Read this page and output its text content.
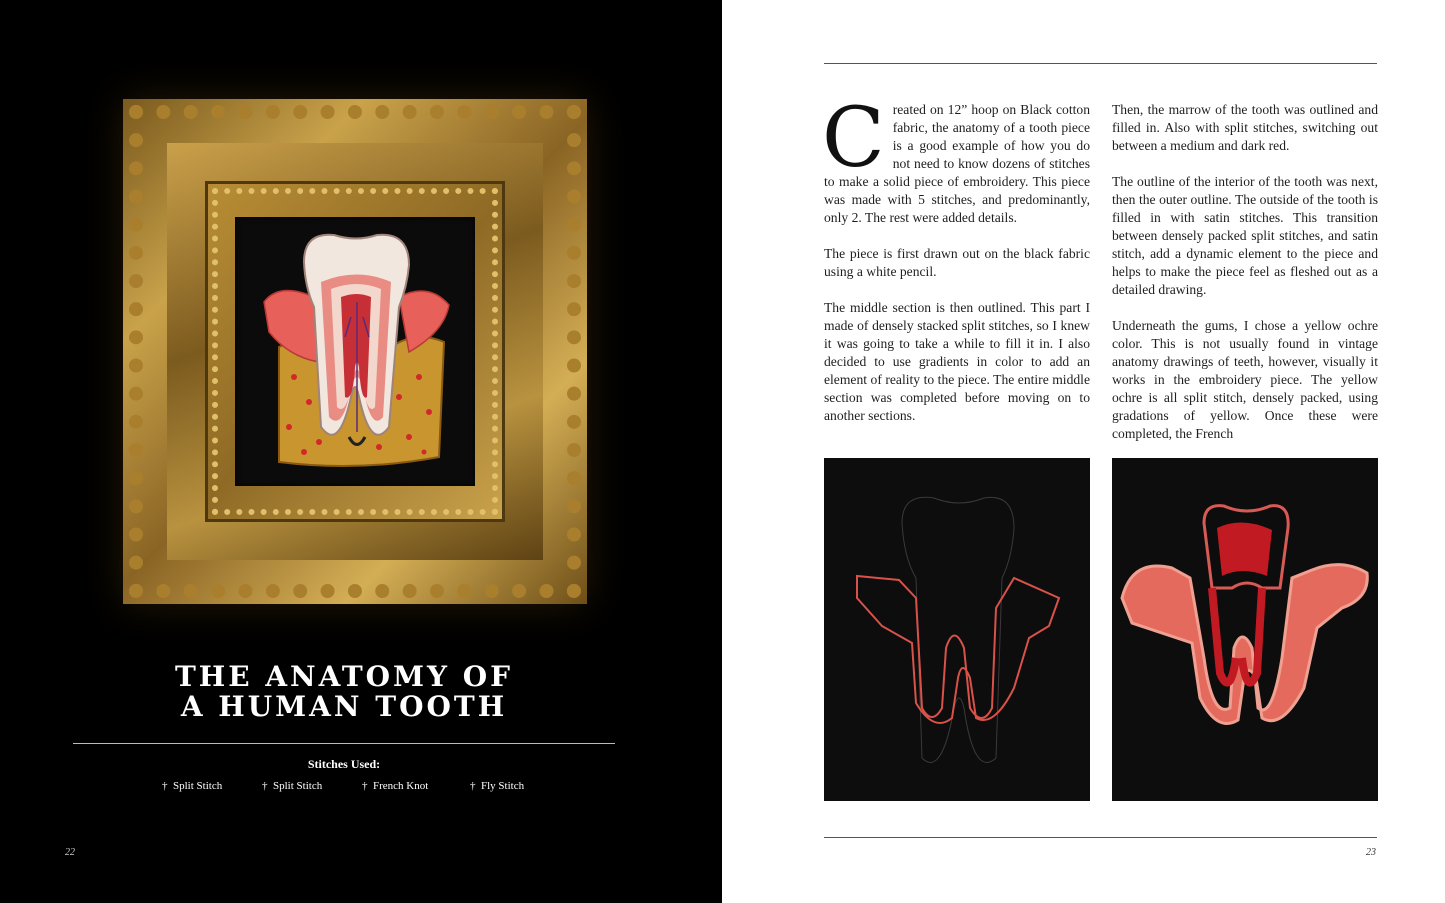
THE ANATOMY OF
A HUMAN TOOTH
Stitches Used:
† Split Stitch	† Split Stitch	† French Knot	† Fly Stitch
22

Created on 12” hoop on Black cotton fabric, the anatomy of a tooth piece is a good example of how you do not need to know dozens of stitches to make a solid piece of embroidery. This piece was made with 5 stitches, and predominantly, only 2. The rest were added details.

The piece is first drawn out on the black fabric using a white pencil.

The middle section is then outlined. This part I made of densely stacked split stitches, so I knew it was going to take a while to fill it in. I also decided to use gradients in color to add an element of reality to the piece. The entire middle section was completed before moving on to another sections.

Then, the marrow of the tooth was outlined and filled in. Also with split stitches, switching out between a medium and dark red.

The outline of the interior of the tooth was next, then the outer outline. The outside of the tooth is filled in with satin stitches. This transition between densely packed split stitches, and satin stitch, add a dynamic element to the piece and helps to make the piece feel as fleshed out as a detailed drawing.

Underneath the gums, I chose a yellow ochre color. This is not usually found in vintage anatomy drawings of teeth, however, visually it works in the embroidery piece. The yellow ochre is all split stitch, densely packed, using gradations of yellow. Once these were completed, the French

23
